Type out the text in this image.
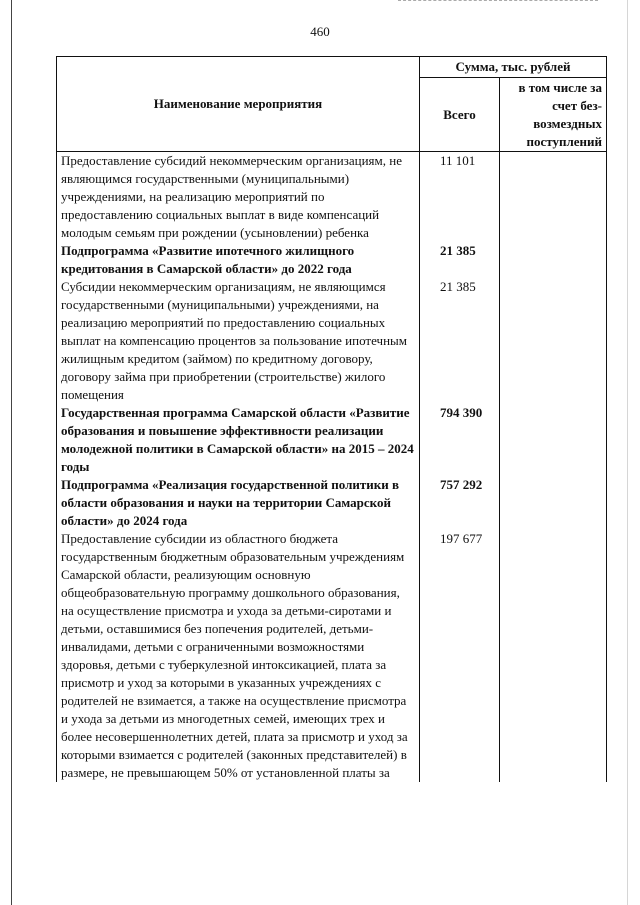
460
Наименование мероприятия	Сумма, тыс. рублей	
	Всего	в том числе за счет без-возмездных поступлений
Предоставление субсидий некоммерческим организациям, не являющимся государственными (муниципальными) учреждениями, на реализацию мероприятий по предоставлению социальных выплат в виде компенсаций молодым семьям при рождении (усыновлении) ребенка	11 101	
Подпрограмма «Развитие ипотечного жилищного кредитования в Самарской области» до 2022 года	21 385	
Субсидии некоммерческим организациям, не являющимся государственными (муниципальными) учреждениями, на реализацию мероприятий по предоставлению социальных выплат на компенсацию процентов за пользование ипотечным жилищным кредитом (займом) по кредитному договору, договору займа при приобретении (строительстве) жилого помещения	21 385	
Государственная программа Самарской области «Развитие образования и повышение эффективности реализации молодежной политики в Самарской области» на 2015 – 2024 годы	794 390	
Подпрограмма «Реализация государственной политики в области образования и науки на территории Самарской области» до 2024 года	757 292	
Предоставление субсидии из областного бюджета государственным бюджетным образовательным учреждениям Самарской области, реализующим основную общеобразовательную программу дошкольного образования, на осуществление присмотра и ухода за детьми-сиротами и детьми, оставшимися без попечения родителей, детьми-инвалидами, детьми с ограниченными возможностями здоровья, детьми с туберкулезной интоксикацией, плата за присмотр и уход за которыми в указанных учреждениях с родителей не взимается, а также на осуществление присмотра и ухода за детьми из многодетных семей, имеющих трех и более несовершеннолетних детей, плата за присмотр и уход за которыми взимается с родителей (законных представителей) в размере, не превышающем 50% от установленной платы за	197 677	
